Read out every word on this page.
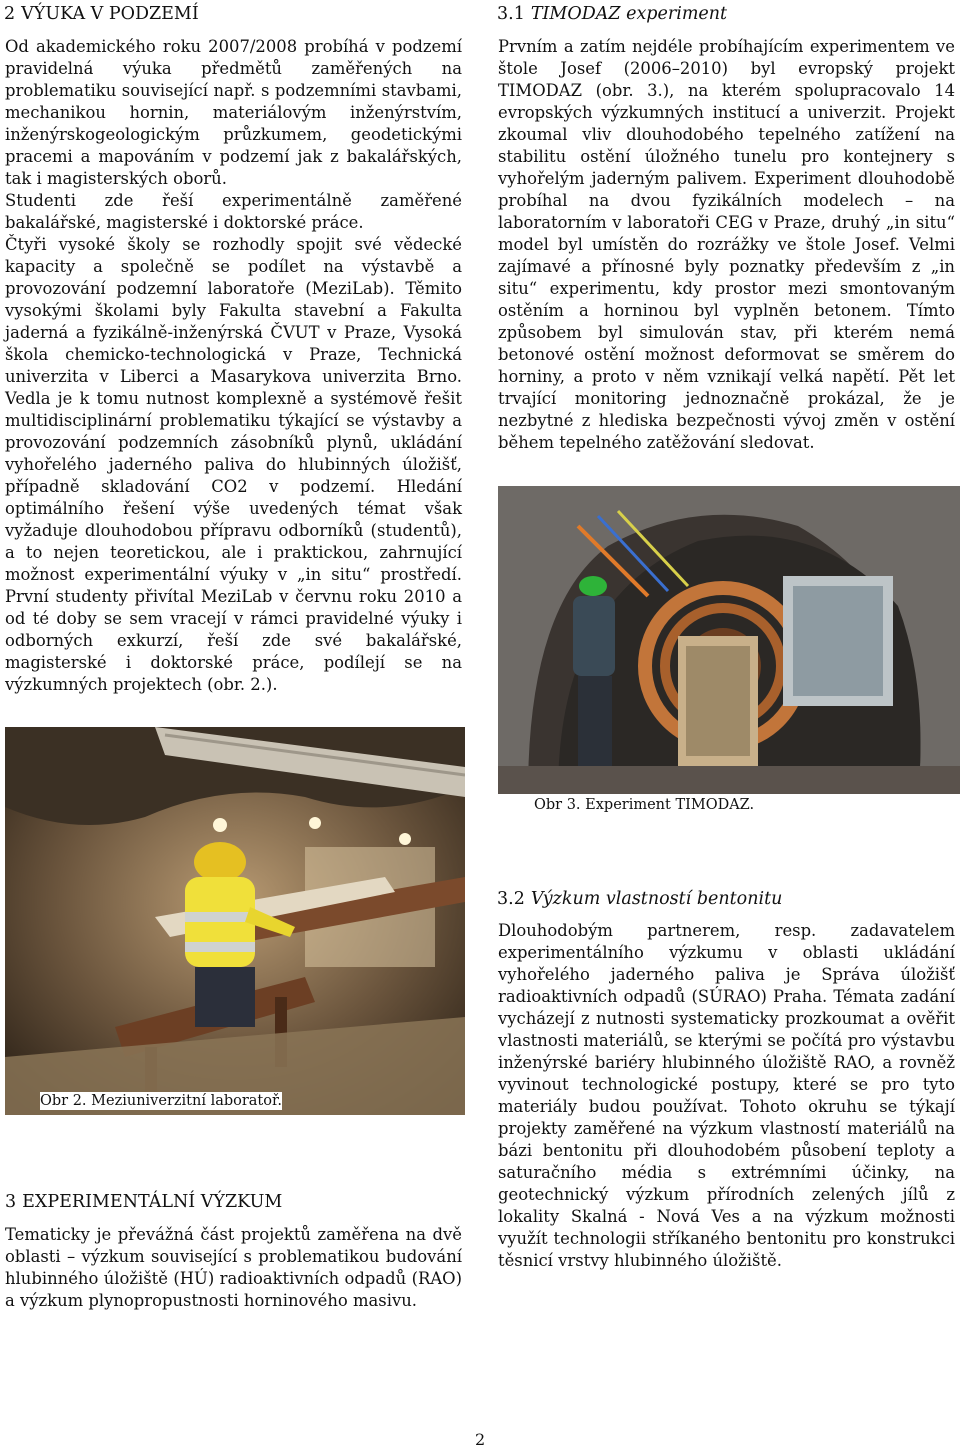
2 VÝUKA V PODZEMÍ
Od akademického roku 2007/2008 probíhá v podzemí pravidelná výuka předmětů zaměřených na problematiku související např. s podzemními stavbami, mechanikou hornin, materiálovým inženýrstvím, inženýrskogeologickým průzkumem, geodetickými pracemi a mapováním v podzemí jak z bakalářských, tak i magisterských oborů.
Studenti zde řeší experimentálně zaměřené bakalářské, magisterské i doktorské práce.
Čtyři vysoké školy se rozhodly spojit své vědecké kapacity a společně se podílet na výstavbě a provozování podzemní laboratoře (MeziLab). Těmito vysokými školami byly Fakulta stavební a Fakulta jaderná a fyzikálně-inženýrská ČVUT v Praze, Vysoká škola chemicko-technologická v Praze, Technická univerzita v Liberci a Masarykova univerzita Brno. Vedla je k tomu nutnost komplexně a systémově řešit multidisciplinární problematiku týkající se výstavby a provozování podzemních zásobníků plynů, ukládání vyhořelého jaderného paliva do hlubinných úložišť, případně skladování CO2 v podzemí. Hledání optimálního řešení výše uvedených témat však vyžaduje dlouhodobou přípravu odborníků (studentů), a to nejen teoretickou, ale i praktickou, zahrnující možnost experimentální výuky v „in situ“ prostředí. První studenty přivítal MeziLab v červnu roku 2010 a od té doby se sem vracejí v rámci pravidelné výuky i odborných exkurzí, řeší zde své bakalářské, magisterské i doktorské práce, podílejí se na výzkumných projektech (obr. 2.).
Obr 2. Meziuniverzitní laboratoř.
3 EXPERIMENTÁLNÍ VÝZKUM
Tematicky je převážná část projektů zaměřena na dvě oblasti – výzkum související s problematikou budování hlubinného úložiště (HÚ) radioaktivních odpadů (RAO) a výzkum plynopropustnosti horninového masivu.
3.1 TIMODAZ experiment
Prvním a zatím nejdéle probíhajícím experimentem ve štole Josef (2006–2010) byl evropský projekt TIMODAZ (obr. 3.), na kterém spolupracovalo 14 evropských výzkumných institucí a univerzit. Projekt zkoumal vliv dlouhodobého tepelného zatížení na stabilitu ostění úložného tunelu pro kontejnery s vyhořelým jaderným palivem. Experiment dlouhodobě probíhal na dvou fyzikálních modelech – na laboratorním v laboratoři CEG v Praze, druhý „in situ“ model byl umístěn do rozrážky ve štole Josef. Velmi zajímavé a přínosné byly poznatky především z „in situ“ experimentu, kdy prostor mezi smontovaným ostěním a horninou byl vyplněn betonem. Tímto způsobem byl simulován stav, při kterém nemá betonové ostění možnost deformovat se směrem do horniny, a proto v něm vznikají velká napětí. Pět let trvající monitoring jednoznačně prokázal, že je nezbytné z hlediska bezpečnosti vývoj změn v ostění během tepelného zatěžování sledovat.
Obr 3. Experiment TIMODAZ.
3.2 Výzkum vlastností bentonitu
Dlouhodobým partnerem, resp. zadavatelem experimentálního výzkumu v oblasti ukládání vyhořelého jaderného paliva je Správa úložišť radioaktivních odpadů (SÚRAO) Praha. Témata zadání vycházejí z nutnosti systematicky prozkoumat a ověřit vlastnosti materiálů, se kterými se počítá pro výstavbu inženýrské bariéry hlubinného úložiště RAO, a rovněž vyvinout technologické postupy, které se pro tyto materiály budou používat. Tohoto okruhu se týkají projekty zaměřené na výzkum vlastností materiálů na bázi bentonitu při dlouhodobém působení teploty a saturačního média s extrémními účinky, na geotechnický výzkum přírodních zelených jílů z lokality Skalná - Nová Ves a na výzkum možnosti využít technologii stříkaného bentonitu pro konstrukci těsnicí vrstvy hlubinného úložiště.
2
